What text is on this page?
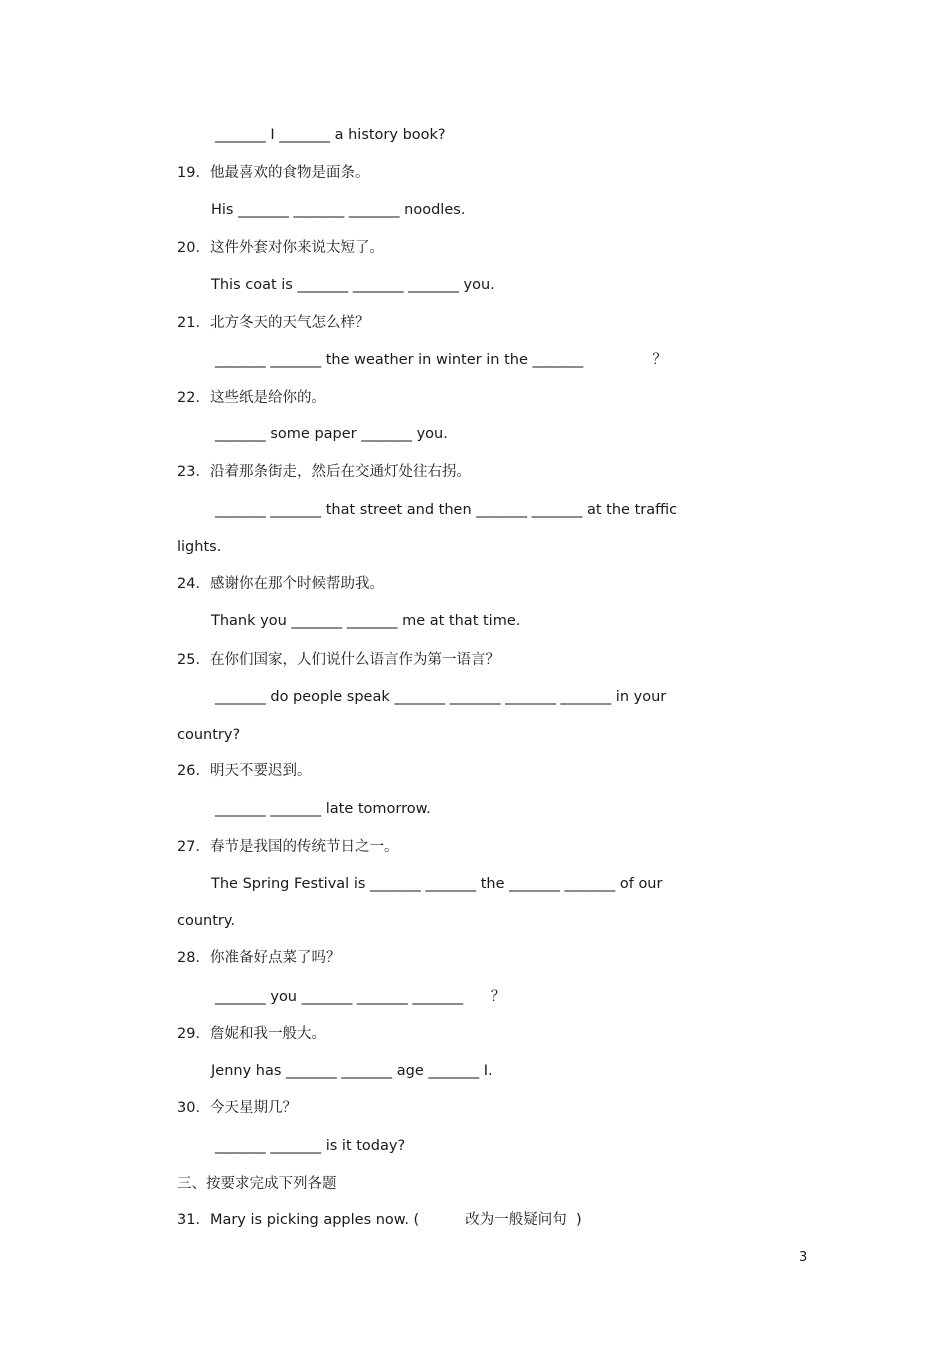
_______ I _______ a history book?
19．他最喜欢的食物是面条。
His _______ _______ _______ noodles.
20．这件外套对你来说太短了。
This coat is _______ _______ _______ you.
21．北方冬天的天气怎么样？
_______ _______ the weather in winter in the _______               ？
22．这些纸是给你的。
_______ some paper _______ you.
23．沿着那条街走，然后在交通灯处往右拐。
_______ _______ that street and then _______ _______ at the traffic
lights.
24．感谢你在那个时候帮助我。
Thank you _______ _______ me at that time.
25．在你们国家，人们说什么语言作为第一语言？
_______ do people speak _______ _______ _______ _______ in your
country?
26．明天不要迟到。
_______ _______ late tomorrow.
27．春节是我国的传统节日之一。
The Spring Festival is _______ _______ the _______ _______ of our
country.
28．你准备好点菜了吗？
_______ you _______ _______ _______      ？
29．詹妮和我一般大。
Jenny has _______ _______ age _______ I.
30．今天星期几？
_______ _______ is it today?
三、按要求完成下列各题
31．Mary is picking apples now. (          改为一般疑问句  )
3
